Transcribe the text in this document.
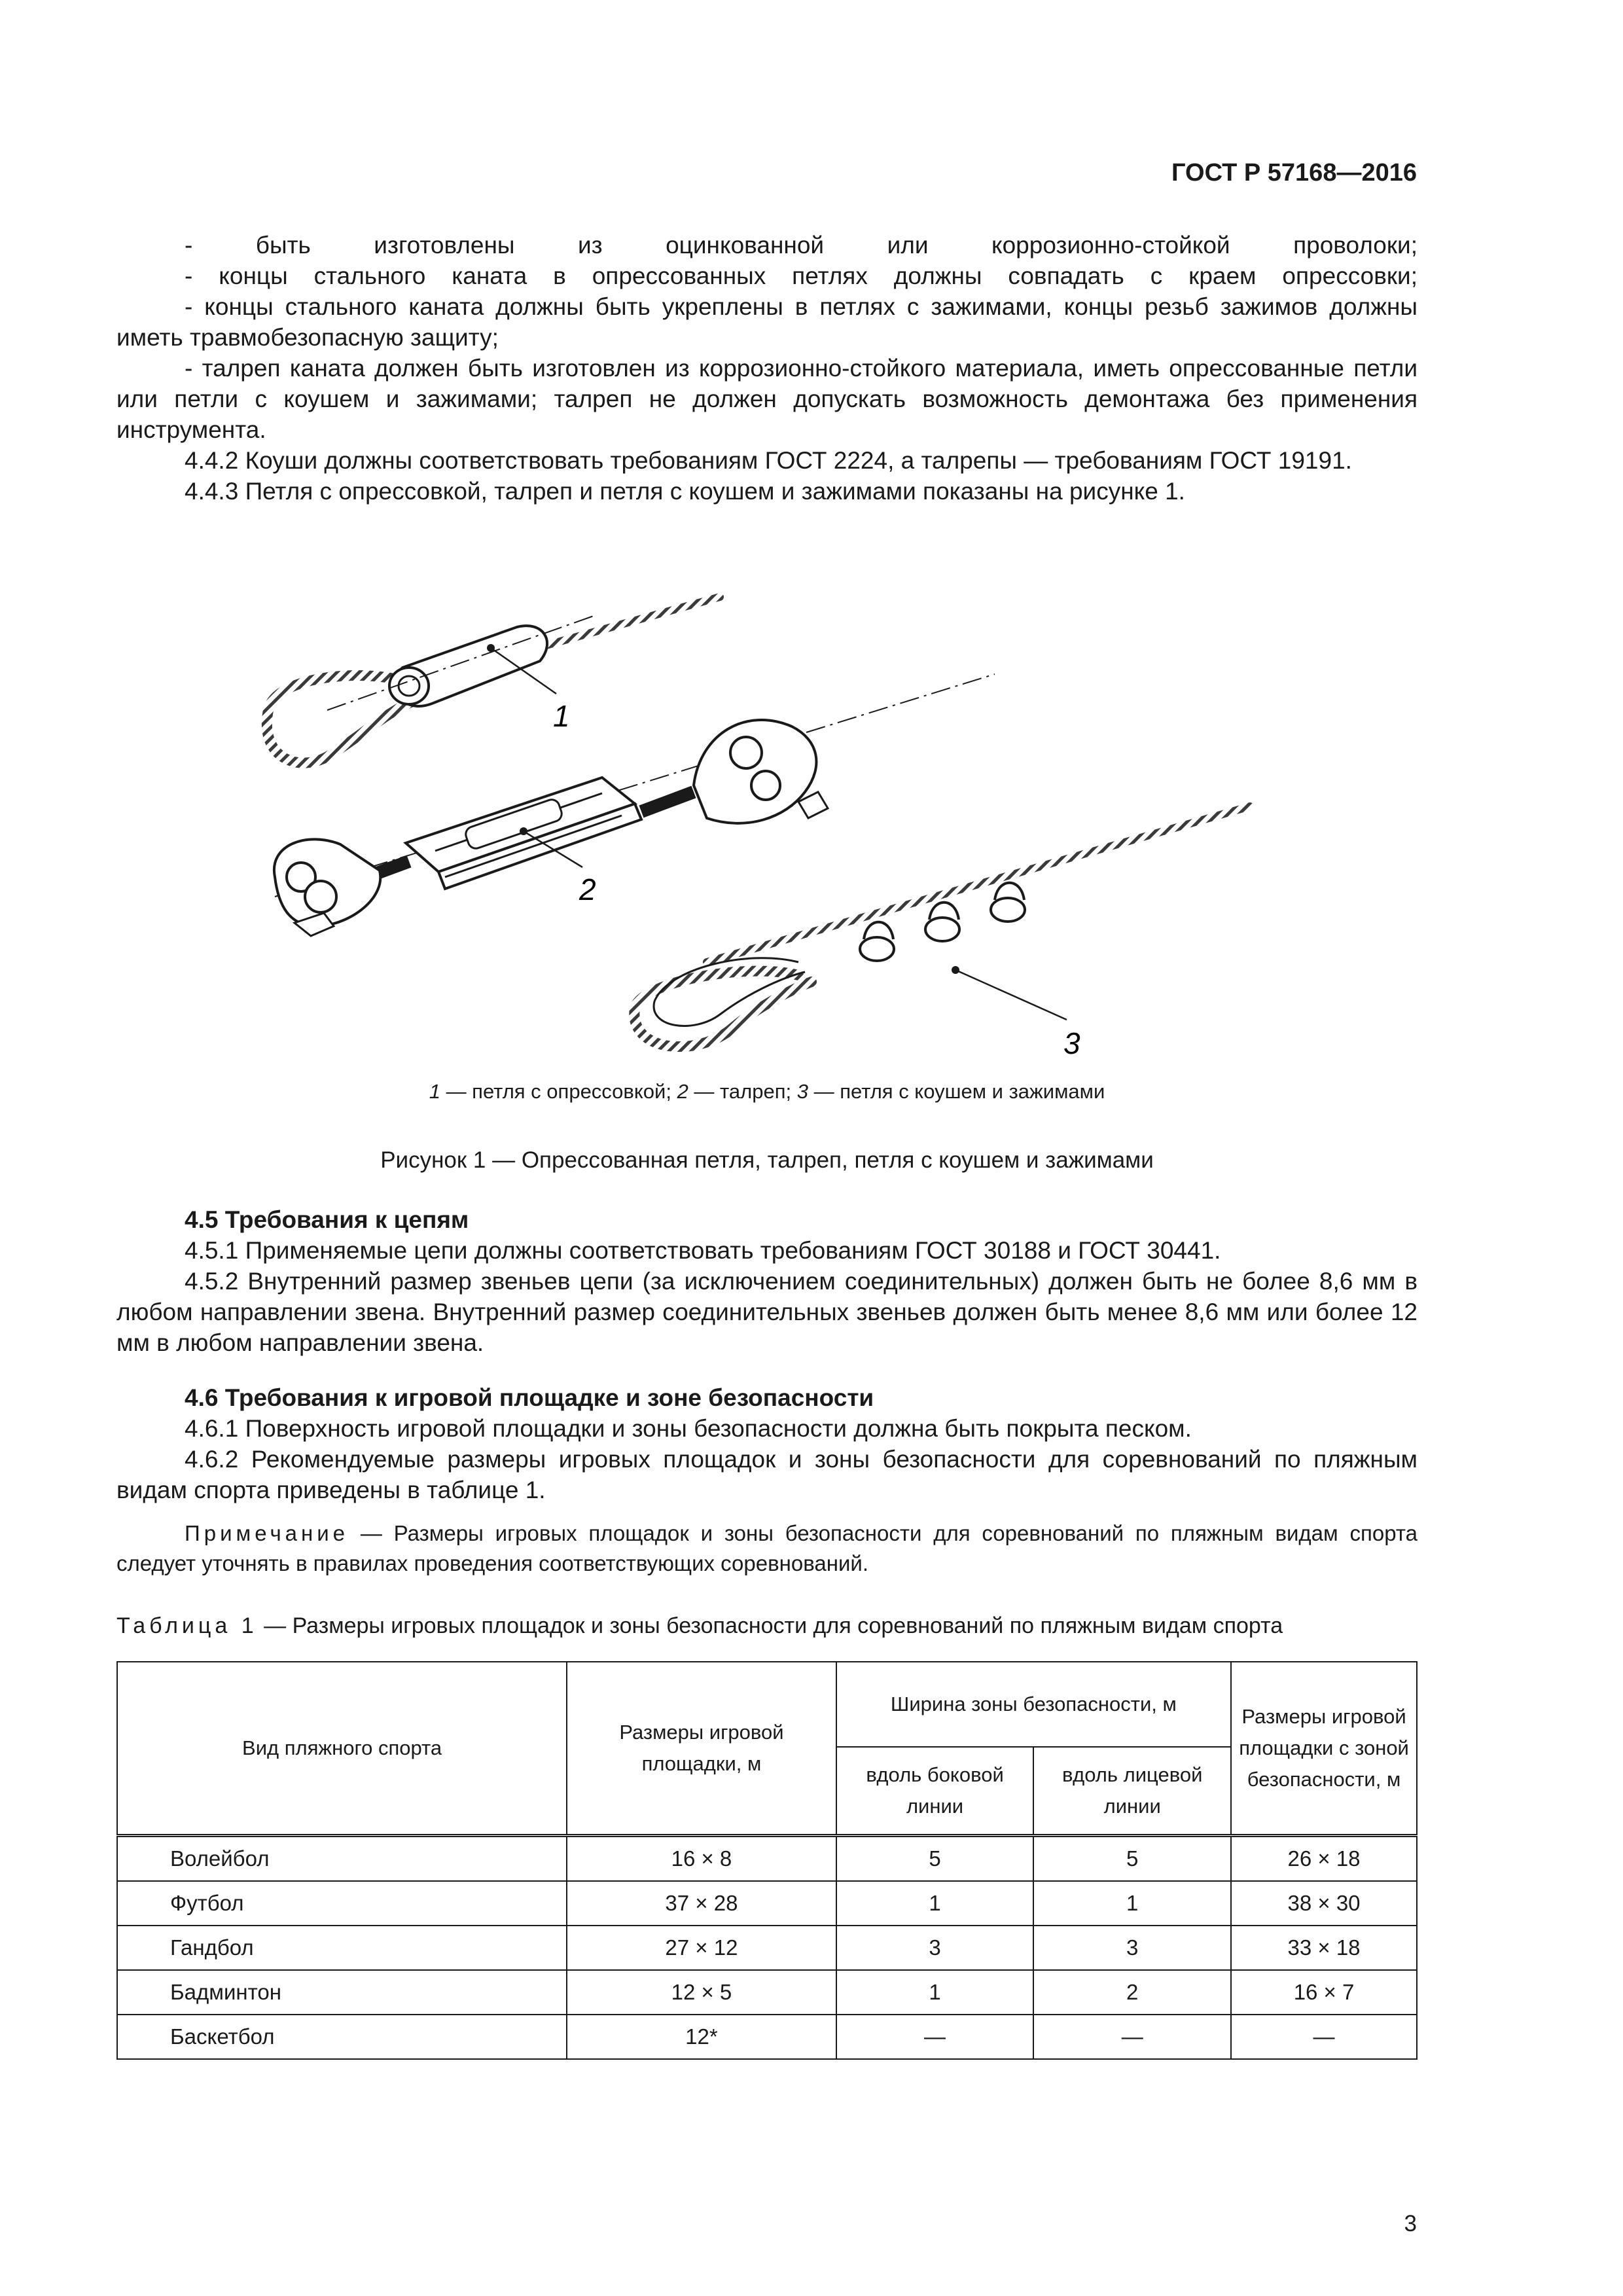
ГОСТ Р 57168—2016

- быть изготовлены из оцинкованной или коррозионно-стойкой проволоки;

- концы стального каната в опрессованных петлях должны совпадать с краем опрессовки;

- концы стального каната должны быть укреплены в петлях с зажимами, концы резьб зажимов должны иметь травмобезопасную защиту;

- талреп каната должен быть изготовлен из коррозионно-стойкого материала, иметь опрессованные петли или петли с коушем и зажимами; талреп не должен допускать возможность демонтажа без применения инструмента.

4.4.2 Коуши должны соответствовать требованиям ГОСТ 2224, а талрепы — требованиям ГОСТ 19191.

4.4.3 Петля с опрессовкой, талреп и петля с коушем и зажимами показаны на рисунке 1.

1
2
3
1 — петля с опрессовкой; 2 — талреп; 3 — петля с коушем и зажимами
Рисунок 1 — Опрессованная петля, талреп, петля с коушем и зажимами

4.5 Требования к цепям

4.5.1 Применяемые цепи должны соответствовать требованиям ГОСТ 30188 и ГОСТ 30441.

4.5.2 Внутренний размер звеньев цепи (за исключением соединительных) должен быть не более 8,6 мм в любом направлении звена. Внутренний размер соединительных звеньев должен быть менее 8,6 мм или более 12 мм в любом направлении звена.

4.6 Требования к игровой площадке и зоне безопасности

4.6.1 Поверхность игровой площадки и зоны безопасности должна быть покрыта песком.

4.6.2 Рекомендуемые размеры игровых площадок и зоны безопасности для соревнований по пляжным видам спорта приведены в таблице 1.

Примечание — Размеры игровых площадок и зоны безопасности для соревнований по пляжным видам спорта следует уточнять в правилах проведения соответствующих соревнований.
Таблица 1 — Размеры игровых площадок и зоны безопасности для соревнований по пляжным видам спорта
Вид пляжного спорта	Размеры игровой площадки, м	Ширина зоны безопасности, м		Размеры игровой площадки с зоной безопасности, м
		вдоль боковой линии	вдоль лицевой линии	
Волейбол	16 × 8	5	5	26 × 18
Футбол	37 × 28	1	1	38 × 30
Гандбол	27 × 12	3	3	33 × 18
Бадминтон	12 × 5	1	2	16 × 7
Баскетбол	12*	—	—	—
3
